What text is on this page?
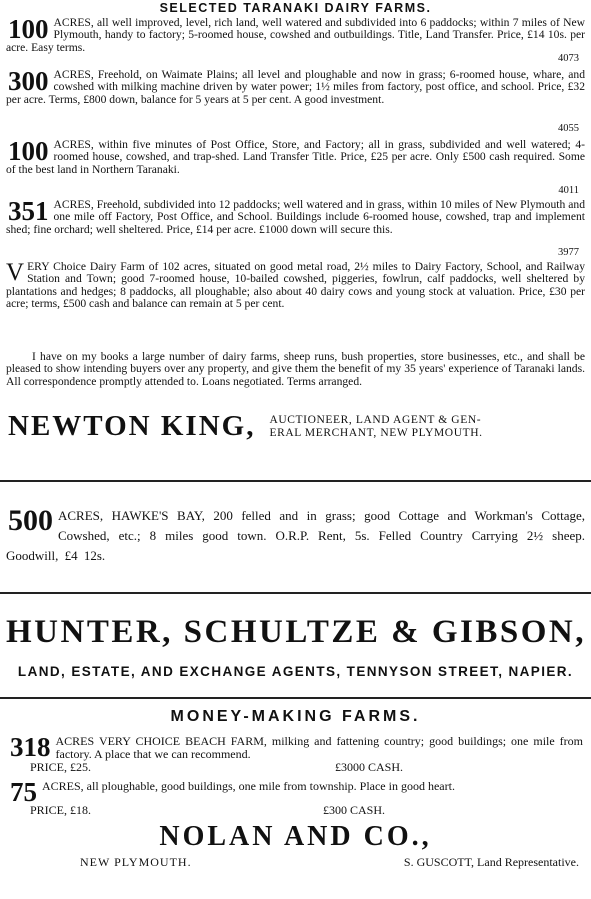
SELECTED TARANAKI DAIRY FARMS.
100 ACRES, all well improved, level, rich land, well watered and subdivided into 6 paddocks; within 7 miles of New Plymouth, handy to factory; 5-roomed house, cowshed and outbuildings. Title, Land Transfer. Price, £14 10s. per acre. Easy terms.
4073
300 ACRES, Freehold, on Waimate Plains; all level and ploughable and now in grass; 6-roomed house, whare, and cowshed with milking machine driven by water power; 1½ miles from factory, post office, and school. Price, £32 per acre. Terms, £800 down, balance for 5 years at 5 per cent. A good investment.
4055
100 ACRES, within five minutes of Post Office, Store, and Factory; all in grass, subdivided and well watered; 4-roomed house, cowshed, and trap-shed. Land Transfer Title. Price, £25 per acre. Only £500 cash required. Some of the best land in Northern Taranaki.
4011
351 ACRES, Freehold, subdivided into 12 paddocks; well watered and in grass, within 10 miles of New Plymouth and one mile off Factory, Post Office, and School. Buildings include 6-roomed house, cowshed, trap and implement shed; fine orchard; well sheltered. Price, £14 per acre. £1000 down will secure this.
3977
V ERY Choice Dairy Farm of 102 acres, situated on good metal road, 2½ miles to Dairy Factory, School, and Railway Station and Town; good 7-roomed house, 10-bailed cowshed, piggeries, fowlrun, calf paddocks, well sheltered by plantations and hedges; 8 paddocks, all ploughable; also about 40 dairy cows and young stock at valuation. Price, £30 per acre; terms, £500 cash and balance can remain at 5 per cent.
I have on my books a large number of dairy farms, sheep runs, bush properties, store businesses, etc., and shall be pleased to show intending buyers over any property, and give them the benefit of my 35 years' experience of Taranaki lands. All correspondence promptly attended to. Loans negotiated. Terms arranged.
NEWTON KING, AUCTIONEER, LAND AGENT & GEN-
ERAL MERCHANT, NEW PLYMOUTH.
500 ACRES, HAWKE'S BAY, 200 felled and in grass; good Cottage and Workman's Cottage, Cowshed, etc.; 8 miles good town. O.R.P. Rent, 5s. Felled Country Carrying 2½ sheep. Goodwill, £4 12s.
HUNTER, SCHULTZE & GIBSON,
LAND, ESTATE, AND EXCHANGE AGENTS, TENNYSON STREET, NAPIER.
MONEY-MAKING FARMS.
318 ACRES VERY CHOICE BEACH FARM, milking and fattening country; good buildings; one mile from factory. A place that we can recommend.
PRICE, £25.	£3000 CASH.
75 ACRES, all ploughable, good buildings, one mile from township. Place in good heart.
PRICE, £18.	£300 CASH.
NOLAN AND CO.,
NEW PLYMOUTH.	S. GUSCOTT, Land Representative.
